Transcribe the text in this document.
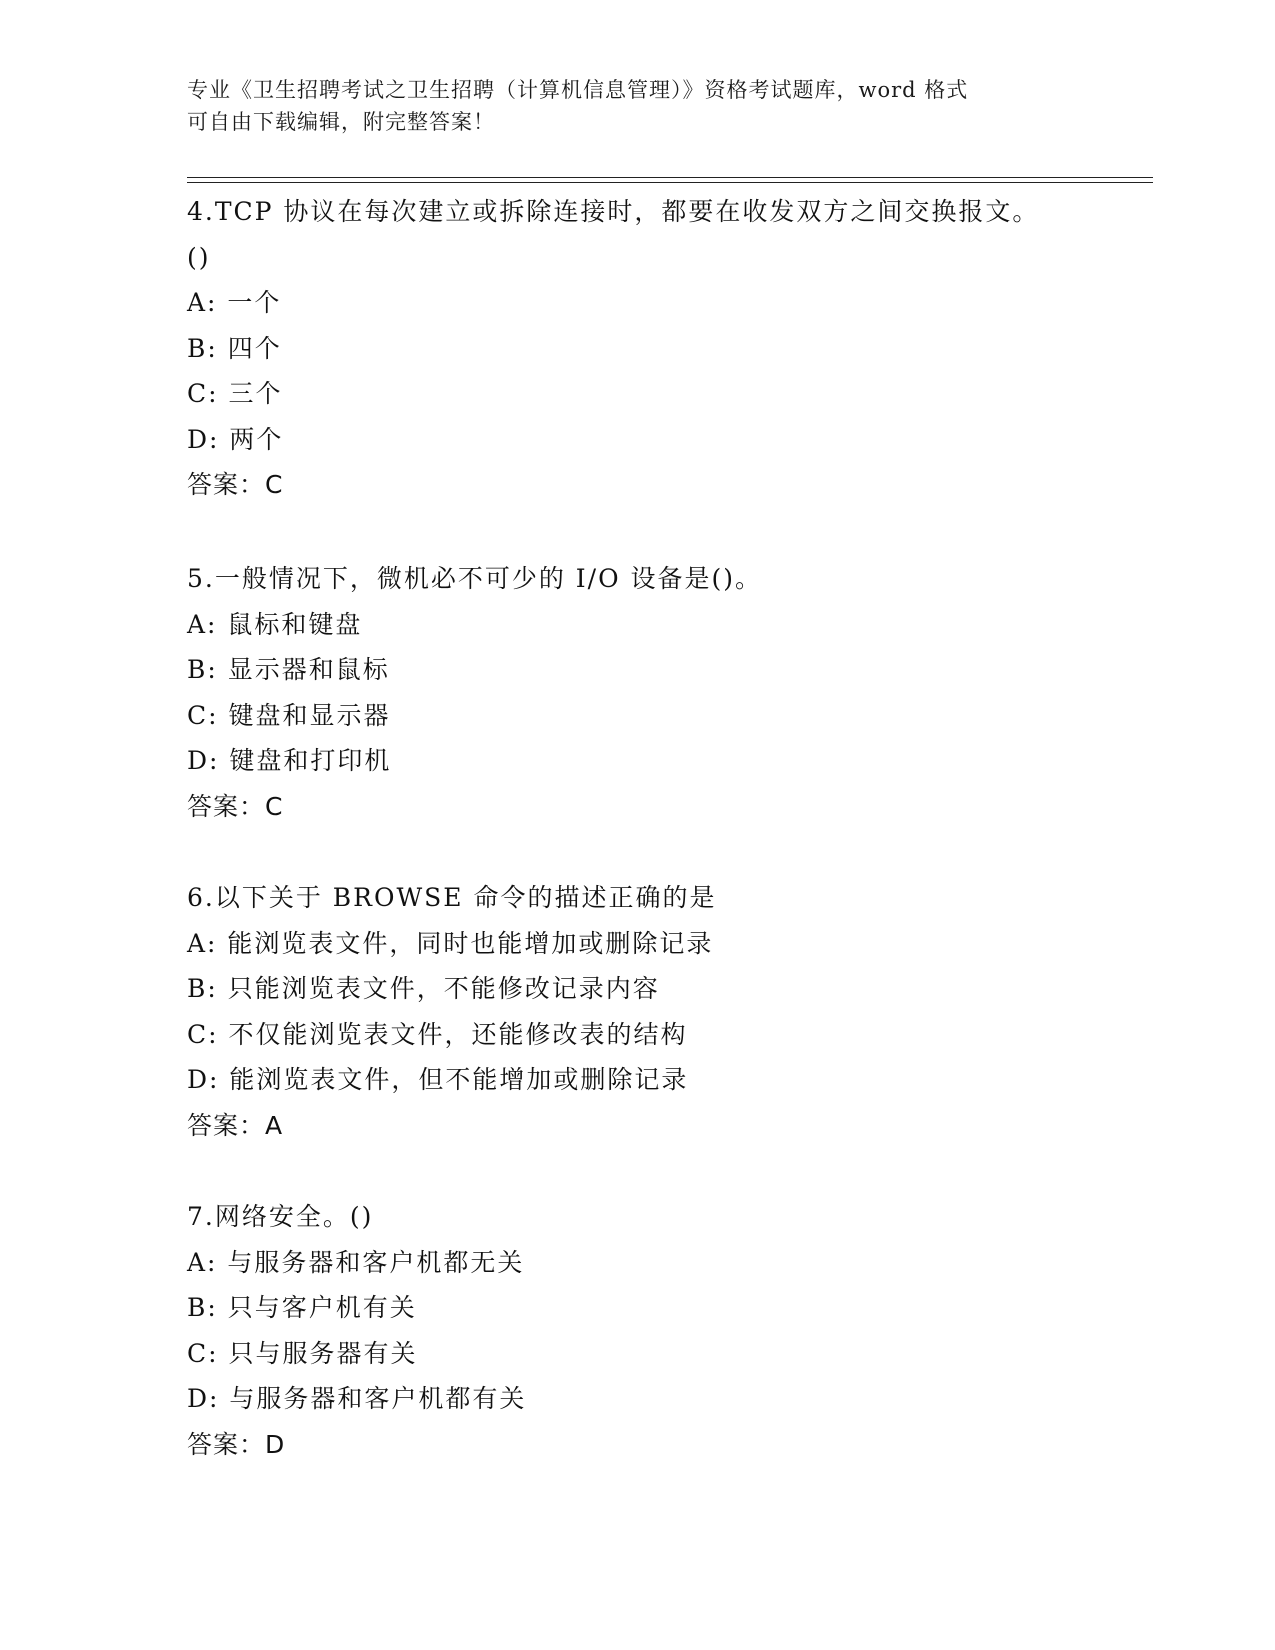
专业《卫生招聘考试之卫生招聘（计算机信息管理）》资格考试题库，word 格式
可自由下载编辑，附完整答案！
4.TCP 协议在每次建立或拆除连接时，都要在收发双方之间交换报文。
()
A: 一个
B: 四个
C: 三个
D: 两个
答案：C
5.一般情况下，微机必不可少的 I/O 设备是()。
A: 鼠标和键盘
B: 显示器和鼠标
C: 键盘和显示器
D: 键盘和打印机
答案：C
6.以下关于 BROWSE 命令的描述正确的是
A: 能浏览表文件，同时也能增加或删除记录
B: 只能浏览表文件，不能修改记录内容
C: 不仅能浏览表文件，还能修改表的结构
D: 能浏览表文件，但不能增加或删除记录
答案：A
7.网络安全。()
A: 与服务器和客户机都无关
B: 只与客户机有关
C: 只与服务器有关
D: 与服务器和客户机都有关
答案：D
